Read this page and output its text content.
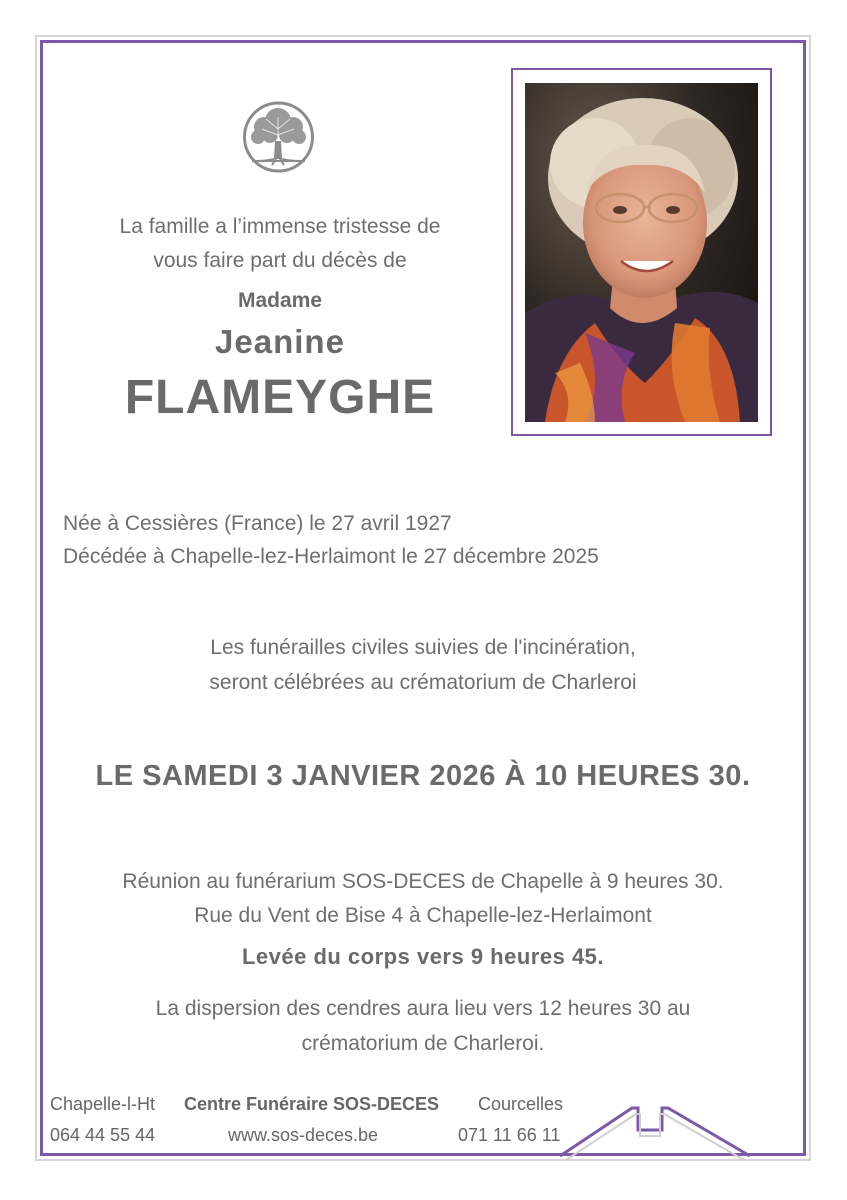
La famille a l’immense tristesse de
vous faire part du décès de
Madame
Jeanine
FLAMEYGHE
Née à Cessières (France) le 27 avril 1927
Décédée à Chapelle-lez-Herlaimont le 27 décembre 2025
Les funérailles civiles suivies de l'incinération,
seront célébrées au crématorium de Charleroi
LE SAMEDI 3 JANVIER 2026 À 10 HEURES 30.
Réunion au funérarium SOS-DECES de Chapelle à 9 heures 30.
Rue du Vent de Bise 4 à Chapelle-lez-Herlaimont
Levée du corps vers 9 heures 45.
La dispersion des cendres aura lieu vers 12 heures 30 au
crématorium de Charleroi.
Chapelle-l-Ht
064 44 55 44
Centre Funéraire SOS-DECES
www.sos-deces.be
Courcelles
071 11 66 11
